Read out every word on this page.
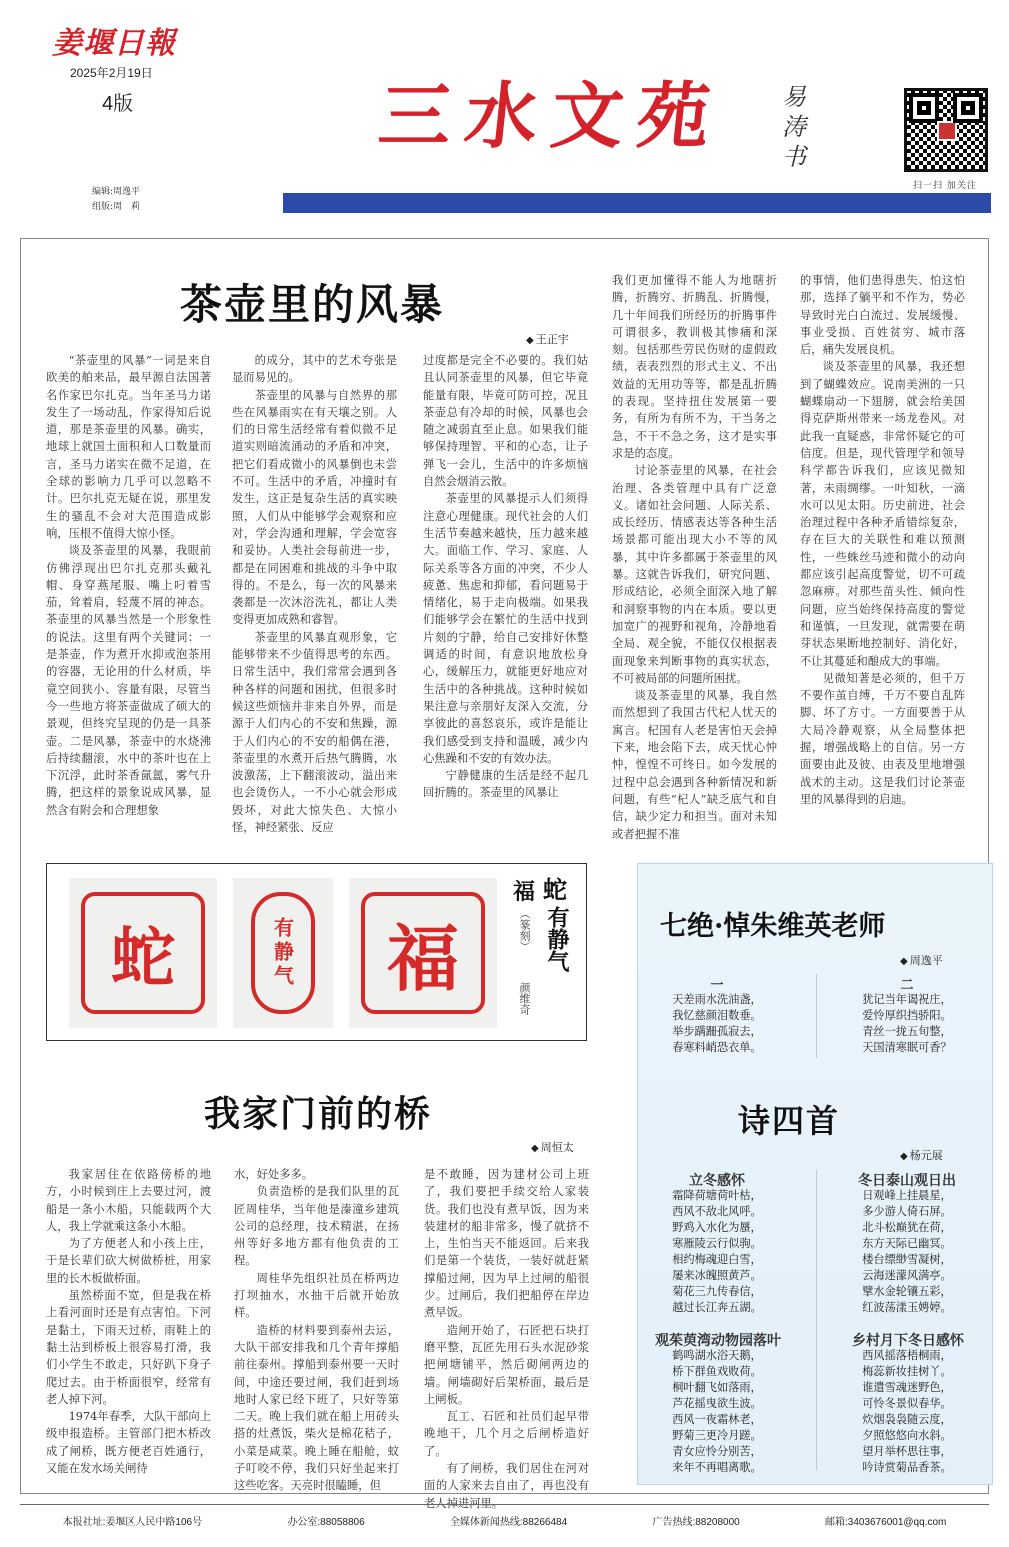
姜堰日報
2025年2月19日
4版	三水文苑 易涛书
扫一扫 加关注
编辑:周逸平
组版:周　莉
茶壶里的风暴
◆ 王正宇

“茶壶里的风暴”一词是来自欧美的舶来品，最早源自法国著名作家巴尔扎克。当年圣马力诺发生了一场动乱，作家得知后说道，那是茶壶里的风暴。确实，地球上就国土面积和人口数量而言，圣马力诺实在微不足道，在全球的影响力几乎可以忽略不计。巴尔扎克无疑在说，那里发生的骚乱不会对大范围造成影响，压根不值得大惊小怪。

谈及茶壶里的风暴，我眼前仿佛浮现出巴尔扎克那头戴礼帽、身穿燕尾服、嘴上叼着雪茄，耸着肩，轻蔑不屑的神态。茶壶里的风暴当然是一个形象性的说法。这里有两个关键词：一是茶壶，作为煮开水抑或泡茶用的容器，无论用的什么材质，毕竟空间狭小、容量有限，尽管当今一些地方将茶壶做成了硕大的景观，但终究呈现的仍是一具茶壶。二是风暴，茶壶中的水烧沸后持续翻滚，水中的茶叶也在上下沉浮，此时茶香氤氲，雾气升腾，把这样的景象说成风暴，显然含有附会和合理想象

的成分，其中的艺术夸张是显而易见的。

茶壶里的风暴与自然界的那些在风暴雨实在有天壤之别。人们的日常生活经常有着似微不足道实则暗流涌动的矛盾和冲突，把它们看成微小的风暴倒也未尝不可。生活中的矛盾，冲撞时有发生，这正是复杂生活的真实映照，人们从中能够学会观察和应对，学会沟通和理解，学会宽容和妥协。人类社会每前进一步，都是在同困难和挑战的斗争中取得的。不是么，每一次的风暴来袭都是一次沐浴洗礼，都让人类变得更加成熟和睿智。

茶壶里的风暴直观形象，它能够带来不少值得思考的东西。日常生活中，我们常常会遇到各种各样的问题和困扰，但很多时候这些烦恼并非来自外界，而是源于人们内心的不安和焦躁，源于人们内心的不安的船偶在港，茶壶里的水煮开后热气腾腾，水波激荡，上下翻滚波动，溢出来也会烫伤人，一不小心就会形成毁坏，对此大惊失色、大惊小怪，神经紧张、反应

过度都是完全不必要的。我们姑且认同茶壶里的风暴，但它毕竟能量有限，毕竟可防可控，况且茶壶总有冷却的时候，风暴也会随之减弱直至止息。如果我们能够保持理智、平和的心态，让子弹飞一会儿，生活中的许多烦恼自然会烟消云散。

茶壶里的风暴提示人们须得注意心理健康。现代社会的人们生活节奏越来越快，压力越来越大。面临工作、学习、家庭、人际关系等各方面的冲突，不少人疲惫、焦虑和抑郁，看问题易于情绪化，易于走向极端。如果我们能够学会在繁忙的生活中找到片刻的宁静，给自己安排好休整调适的时间，有意识地放松身心，缓解压力，就能更好地应对生活中的各种挑战。这种时候如果注意与亲朋好友深入交流，分享彼此的喜怒哀乐，或许是能让我们感受到支持和温暖，减少内心焦躁和不安的有效办法。

宁静健康的生活是经不起几回折腾的。茶壶里的风暴让

我们更加懂得不能人为地瞎折腾，折腾穷、折腾乱、折腾慢，几十年间我们所经历的折腾事件可谓很多，教训极其惨痛和深刻。包括那些劳民伤财的虚假政绩，表表烈烈的形式主义、不出效益的无用功等等，都是乱折腾的表现。坚持扭住发展第一要务，有所为有所不为，干当务之急，不干不急之务，这才是实事求是的态度。

讨论茶壶里的风暴，在社会治理、各类管理中具有广泛意义。诸如社会问题、人际关系、成长经历、情感表达等各种生活场景都可能出现大小不等的风暴，其中许多都属于茶壶里的风暴。这就告诉我们，研究问题、形成结论，必须全面深入地了解和洞察事物的内在本质。要以更加宽广的视野和视角，冷静地看全局、观全貌，不能仅仅根据表面现象来判断事物的真实状态，不可被局部的问题所困扰。

谈及茶壶里的风暴，我自然而然想到了我国古代杞人忧天的寓言。杞国有人老是害怕天会掉下来，地会陷下去，成天忧心忡忡，惶惶不可终日。如今发展的过程中总会遇到各种新情况和新问题，有些“杞人”缺乏底气和自信，缺少定力和担当。面对未知或者把握不准

的事情，他们患得患失、怕这怕那，选择了躺平和不作为，势必导致时光白白流过、发展缓慢、事业受损、百姓贫穷、城市落后，痛失发展良机。

谈及茶壶里的风暴，我还想到了蝴蝶效应。说南美洲的一只蝴蝶扇动一下翅膀，就会给美国得克萨斯州带来一场龙卷风。对此我一直疑惑，非常怀疑它的可信度。但是，现代管理学和领导科学都告诉我们，应该见微知著，未雨绸缪。一叶知秋，一滴水可以见太阳。历史前进，社会治理过程中各种矛盾错综复杂，存在巨大的关联性和难以预测性，一些蛛丝马迹和微小的动向都应该引起高度警觉，切不可疏忽麻痹。对那些苗头性、倾向性问题，应当始终保持高度的警觉和谨慎，一旦发现，就需要在萌芽状态果断地控制好、消化好，不让其蔓延和酿成大的事端。

见微知著是必须的，但千万不要作茧自缚，千万不要自乱阵脚、坏了方寸。一方面要善于从大局冷静观察，从全局整体把握，增强战略上的自信。另一方面要由此及彼、由表及里地增强战术的主动。这是我们讨论茶壶里的风暴得到的启迪。

蛇	有静气	福
蛇
有静气
福
（篆刻）
颜维奇
我家门前的桥
◆ 周恒太

我家居住在依路傍桥的地方，小时候到庄上去要过河，渡船是一条小木船，只能载两个大人，我上学就乘这条小木船。

为了方便老人和小孩上庄，于是长辈们砍大树做桥桩，用家里的长木板做桥面。

虽然桥面不宽，但是我在桥上看河面时还是有点害怕。下河是黏土，下雨天过桥，雨鞋上的黏土沾到桥板上很容易打滑，我们小学生不敢走，只好趴下身子爬过去。由于桥面很窄，经常有老人掉下河。

1974年春季，大队干部向上级申报造桥。主管部门把木桥改成了闸桥，既方便老百姓通行，又能在发水场关闸待

水，好处多多。

负责造桥的是我们队里的瓦匠周桂华，当年他是溱潼乡建筑公司的总经理，技术精湛，在扬州等好多地方都有他负责的工程。

周桂华先组织社员在桥两边打坝抽水，水抽干后就开始放样。

造桥的材料要到泰州去运，大队干部安排我和几个青年撑船前往泰州。撑船到泰州要一天时间，中途还要过闸，我们赶到场地时人家已经下班了，只好等第二天。晚上我们就在船上用砖头搭的灶煮饭，柴火是棉花秸子，小菜是咸菜。晚上睡在船舱，蚊子叮咬不停，我们只好坐起来打这些吃客。天亮时很瞌睡，但

是不敢睡，因为建材公司上班了，我们要把手续交给人家装货。我们也没有煮早饭，因为来装建材的船非常多，慢了就挤不上，生怕当天不能返回。后来我们是第一个装货，一装好就赶紧撑船过闸，因为早上过闸的船很少。过闸后，我们把船停在岸边煮早饭。

造闸开始了，石匠把石块打磨平整，瓦匠先用石头水泥砂浆把闸塘铺平，然后砌闸两边的墙。闸墙砌好后架桥面，最后是上闸板。

瓦工、石匠和社员们起早带晚地干，几个月之后闸桥造好了。

有了闸桥，我们居住在河对面的人家来去自由了，再也没有老人掉进河里。

七绝·悼朱维英老师
◆ 周逸平
一
天差雨水洗油盏，
我忆慈颜泪数垂。
举步蹒跚孤寂去，
春寒料峭恐衣单。
二
犹记当年谒祝庄，
爱怜厚织挡骄阳。
青丝一拢五旬整，
天国清寒眠可香？
诗四首
◆ 杨元展
立冬感怀
霜降荷塘荷叶枯，
西风不敌北风呼。
野鸡入水化为蜃，
寒雁陵云行似驹。
相约梅魂迎白雪，
屡来冰魄照黄芦。
菊花三九传春信，
越过长江奔五湖。
冬日泰山观日出
日观峰上挂晨星，
多少游人倚石屏。
北斗松巅犹在荷，
东方天际已幽冥。
楼台缥缈雪凝树，
云海迷濛风满亭。
擘水金轮镶五彩，
红波荡漾玉娉婷。
观茱萸湾动物园落叶
鹤鸣湖水浴天鹅，
桥下群鱼戏败荷。
桐叶翻飞如落雨，
芦花摇曳欲生波。
西风一夜霜林老，
野菊三更冷月蹉。
青女应怜分别苦，
来年不再唱离歌。
乡村月下冬日感怀
西风摇落梧桐雨，
梅蕊新妆挂树丫。
谁遣雪魂迷野色，
可怜冬景似春华。
炊烟袅袅随云度，
夕照悠悠向水斜。
望月举杯思往事，
吟诗赏菊品香茶。
本报社址:姜堰区人民中路106号	办公室:88058806	全媒体新闻热线:88266484	广告热线:88208000	邮箱:3403676001@qq.com
